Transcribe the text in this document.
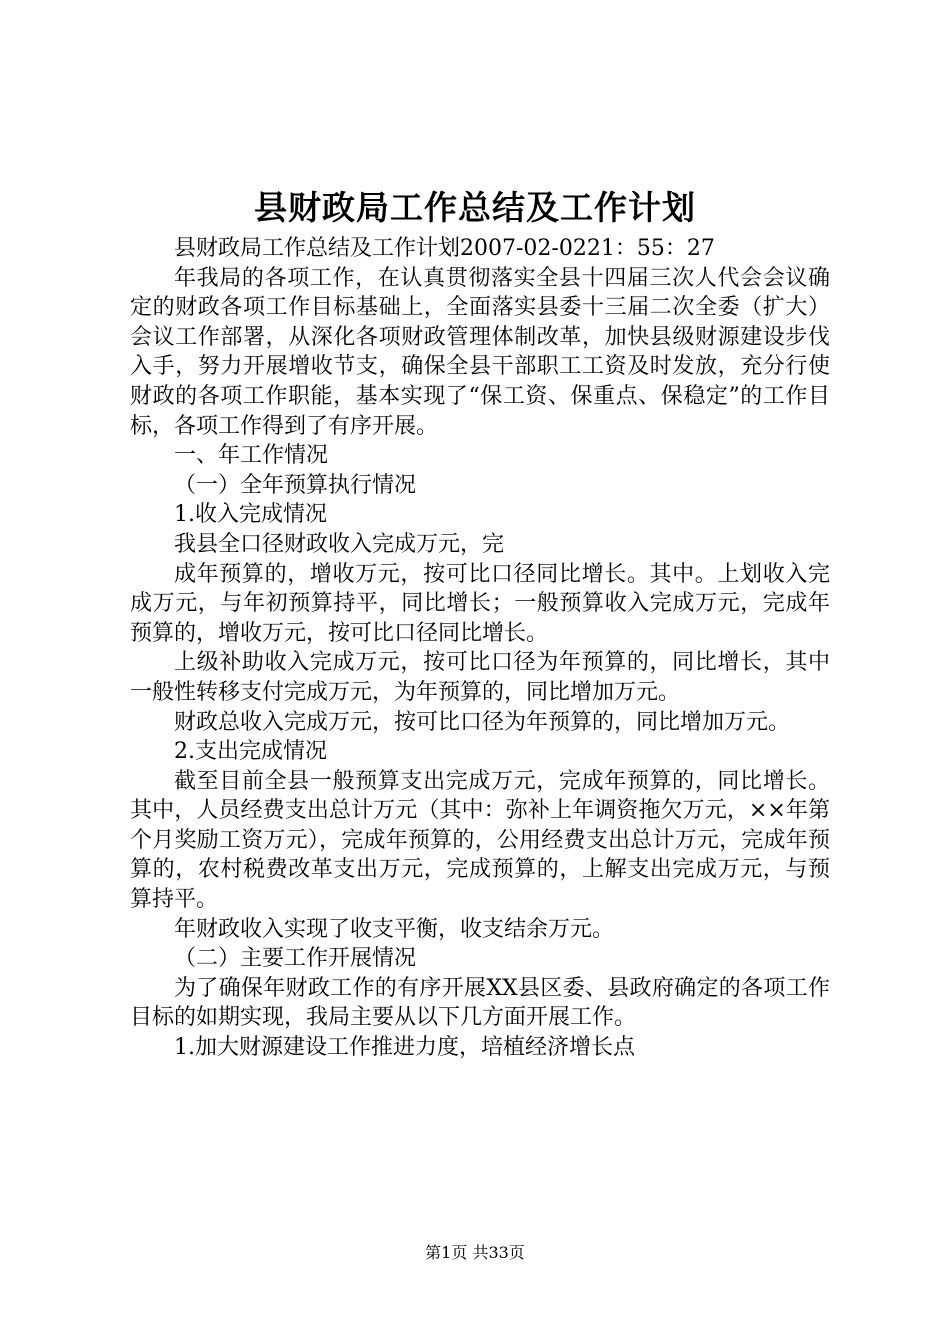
县财政局工作总结及工作计划

县财政局工作总结及工作计划2007-02-0221：55：27

年我局的各项工作，在认真贯彻落实全县十四届三次人代会会议确定的财政各项工作目标基础上，全面落实县委十三届二次全委（扩大）会议工作部署，从深化各项财政管理体制改革，加快县级财源建设步伐入手，努力开展增收节支，确保全县干部职工工资及时发放，充分行使财政的各项工作职能，基本实现了“保工资、保重点、保稳定”的工作目标，各项工作得到了有序开展。

一、年工作情况

（一）全年预算执行情况

1.收入完成情况

我县全口径财政收入完成万元，完

成年预算的，增收万元，按可比口径同比增长。其中。上划收入完成万元，与年初预算持平，同比增长；一般预算收入完成万元，完成年预算的，增收万元，按可比口径同比增长。

上级补助收入完成万元，按可比口径为年预算的，同比增长，其中一般性转移支付完成万元，为年预算的，同比增加万元。

财政总收入完成万元，按可比口径为年预算的，同比增加万元。

2.支出完成情况

截至目前全县一般预算支出完成万元，完成年预算的，同比增长。其中，人员经费支出总计万元（其中：弥补上年调资拖欠万元，××年第个月奖励工资万元），完成年预算的，公用经费支出总计万元，完成年预算的，农村税费改革支出万元，完成预算的，上解支出完成万元，与预算持平。

年财政收入实现了收支平衡，收支结余万元。

（二）主要工作开展情况

为了确保年财政工作的有序开展XX县区委、县政府确定的各项工作目标的如期实现，我局主要从以下几方面开展工作。

1.加大财源建设工作推进力度，培植经济增长点

第1页 共33页
